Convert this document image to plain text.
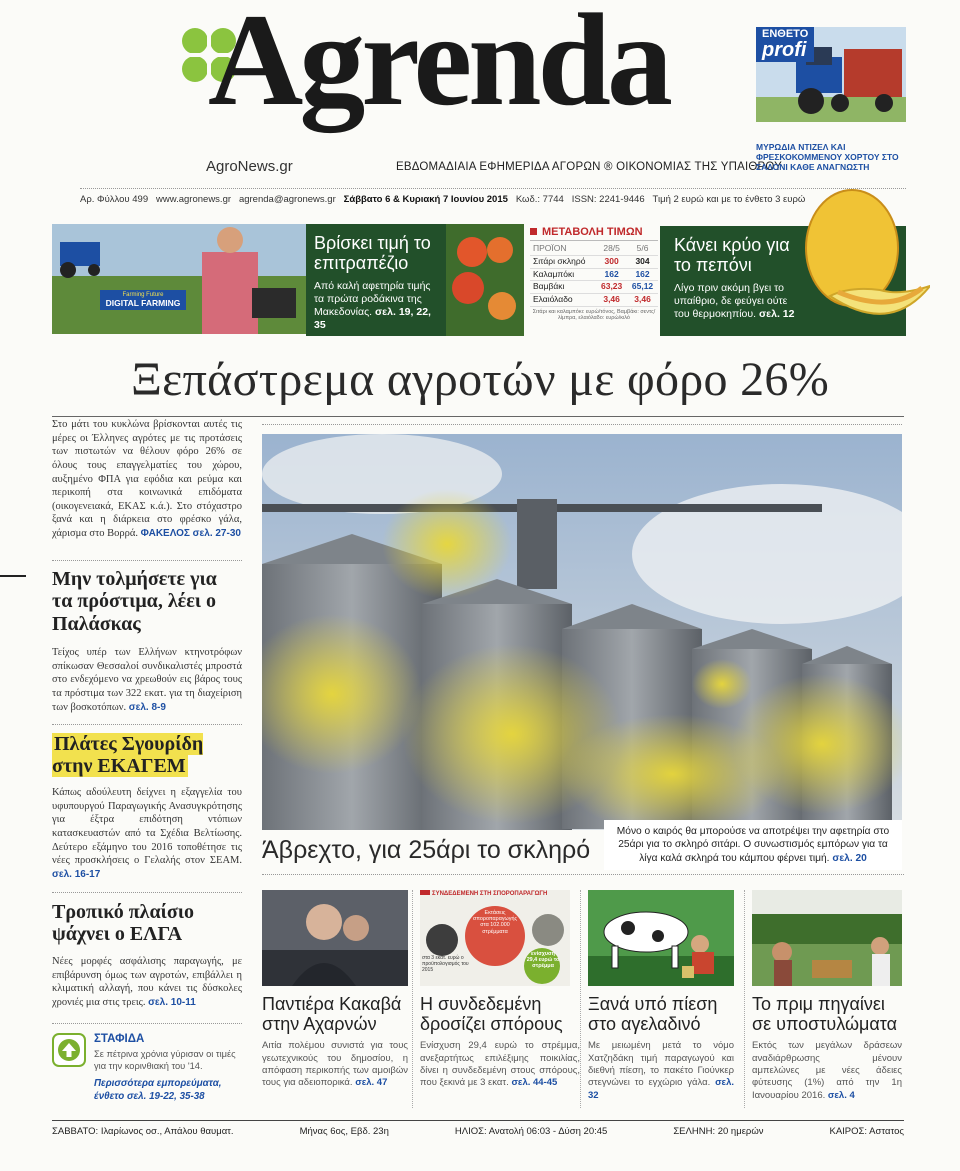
Agrenda
AgroNews.gr	ΕΒΔΟΜΑΔΙΑΙΑ ΕΦΗΜΕΡΙΔΑ ΑΓΟΡΩΝ ® ΟΙΚΟΝΟΜΙΑΣ ΤΗΣ ΥΠΑΙΘΡΟΥ
ΕΝΘΕΤΟ
profi
ΜΥΡΩΔΙΑ ΝΤΙΖΕΛ ΚΑΙ ΦΡΕΣΚΟΚΟΜΜΕΝΟΥ ΧΟΡΤΟΥ ΣΤΟ ΣΑΛΟΝΙ ΚΑΘΕ ΑΝΑΓΝΩΣΤΗ
Αρ. Φύλλου 499 www.agronews.gr agrenda@agronews.gr Σάββατο 6 & Κυριακή 7 Ιουνίου 2015 Κωδ.: 7744 ISSN: 2241-9446 Τιμή 2 ευρώ και με το ένθετο 3 ευρώ
Farming Future
DIGITAL FARMING
Βρίσκει τιμή το επιτραπέζιο

Από καλή αφετηρία τιμής τα πρώτα ροδάκινα της Μακεδονίας. σελ. 19, 22, 35

ΜΕΤΑΒΟΛΗ ΤΙΜΩΝ
ΠΡΟΪΟΝ	28/5	5/6
Σιτάρι σκληρό	300	304
Καλαμπόκι	162	162
Βαμβάκι	63,23	65,12
Ελαιόλαδο	3,46	3,46
Σιτάρι και καλαμπόκι: ευρώ/τόνος, Βαμβάκι: σεντς/λίμπρα, ελαιόλαδο: ευρώ/κιλό
Κάνει κρύο για το πεπόνι

Λίγο πριν ακόμη βγει το υπαίθριο, δε φεύγει ούτε του θερμοκηπίου. σελ. 12

Ξεπάστρεμα αγροτών με φόρο 26%
Στο μάτι του κυκλώνα βρίσκονται αυτές τις μέρες οι Έλληνες αγρότες με τις προτάσεις των πιστωτών να θέλουν φόρο 26% σε όλους τους επαγγελματίες του χώρου, αυξημένο ΦΠΑ για εφόδια και ρεύμα και περικοπή στα κοινωνικά επιδόματα (οικογενειακά, ΕΚΑΣ κ.ά.). Στο στόχαστρο ξανά και η διάρκεια στο φρέσκο γάλα, χάρισμα στο Βορρά. ΦΑΚΕΛΟΣ σελ. 27-30
Μην τολμήσετε για τα πρόστιμα, λέει ο Παλάσκας
Τείχος υπέρ των Ελλήνων κτηνοτρόφων σπίκωσαν Θεσσαλοί συνδικαλιστές μπροστά στο ενδεχόμενο να χρεωθούν εις βάρος τους τα πρόστιμα των 322 εκατ. για τη διαχείριση των βοσκοτόπων. σελ. 8-9
Πλάτες Σγουρίδη στην ΕΚΑΓΕΜ
Κάπως αδούλευτη δείχνει η εξαγγελία του υφυπουργού Παραγωγικής Ανασυγκρότησης για έξτρα επιδότηση ντόπιων κατασκευαστών από τα Σχέδια Βελτίωσης. Δεύτερο εξάμηνο του 2016 τοποθέτησε τις νέες προσκλήσεις ο Γελαλής στον ΣΕΑΜ. σελ. 16-17
Τροπικό πλαίσιο ψάχνει ο ΕΛΓΑ
Νέες μορφές ασφάλισης παραγωγής, με επιβάρυνση όμως των αγροτών, επιβάλλει η κλιματική αλλαγή, που κάνει τις δύσκολες χρονιές μια στις τρεις. σελ. 10-11
ΣΤΑΦΙΔΑ
Σε πέτρινα χρόνια γύρισαν οι τιμές για την κορινθιακή του '14.
Περισσότερα εμπορεύματα, ένθετο σελ. 19-22, 35-38
Άβρεχτο, για 25άρι το σκληρό
Μόνο ο καιρός θα μπορούσε να αποτρέψει την αφετηρία στο 25άρι για το σκληρό σιτάρι. Ο συνωστισμός εμπόρων για τα λίγα καλά σκληρά του κάμπου φέρνει τιμή. σελ. 20
Παντιέρα Κακαβά στην Αχαρνών
Αιτία πολέμου συνιστά για τους γεωτεχνικούς του δημοσίου, η απόφαση περικοπής των αμοιβών τους για αδειοπορικά. σελ. 47
ΣΥΝΔΕΔΕΜΕΝΗ ΣΤΗ ΣΠΟΡΟΠΑΡΑΓΩΓΗ
Εκτάσεις σποροπαραγωγής στα 102.000 στρέμματα
στα 3 εκατ. ευρώ ο προϋπολογισμός του 2015
ενίσχυση 29,4 ευρώ το στρέμμα
Η συνδεδεμένη δροσίζει σπόρους
Ενίσχυση 29,4 ευρώ το στρέμμα, ανεξαρτήτως επιλέξιμης ποικιλίας, δίνει η συνδεδεμένη στους σπόρους, που ξεκινά με 3 εκατ. σελ. 44-45
Ξανά υπό πίεση στο αγελαδινό
Με μειωμένη μετά το νόμο Χατζηδάκη τιμή παραγωγού και διεθνή πίεση, το πακέτο Γιούνκερ στεγνώνει το εγχώριο γάλα. σελ. 32
Το πριμ πηγαίνει σε υποστυλώματα
Εκτός των μεγάλων δράσεων αναδιάρθρωσης μένουν αμπελώνες με νέες άδειες φύτευσης (1%) από την 1η Ιανουαρίου 2016. σελ. 4
ΣΑΒΒΑΤΟ: Ιλαρίωνος οσ., Απάλου θαυματ.	Μήνας 6ος, Εβδ. 23η	ΗΛΙΟΣ: Ανατολή 06:03 - Δύση 20:45	ΣΕΛΗΝΗ: 20 ημερών	ΚΑΙΡΟΣ: Αστατος
